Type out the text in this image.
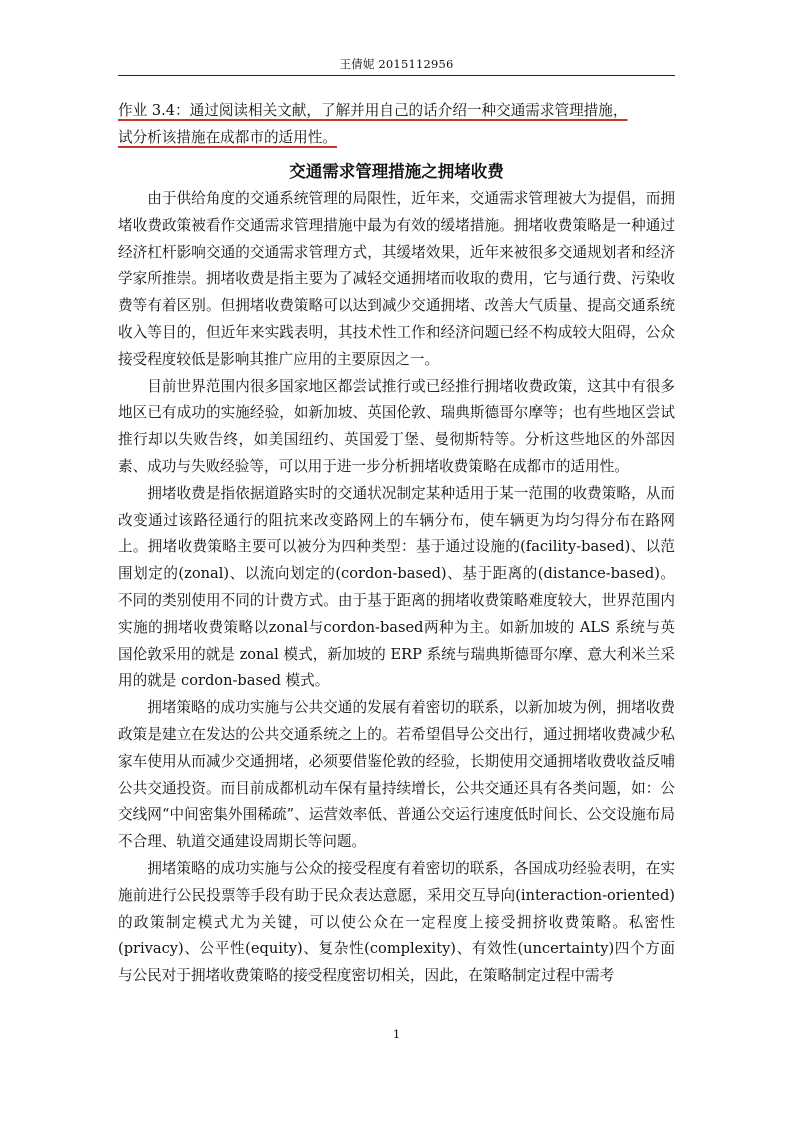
王倩妮 2015112956
作业 3.4：通过阅读相关文献，了解并用自己的话介绍一种交通需求管理措施，
试分析该措施在成都市的适用性。
交通需求管理措施之拥堵收费

由于供给角度的交通系统管理的局限性，近年来，交通需求管理被大为提倡，而拥堵收费政策被看作交通需求管理措施中最为有效的缓堵措施。拥堵收费策略是一种通过经济杠杆影响交通的交通需求管理方式，其缓堵效果，近年来被很多交通规划者和经济学家所推崇。拥堵收费是指主要为了减轻交通拥堵而收取的费用，它与通行费、污染收费等有着区别。但拥堵收费策略可以达到减少交通拥堵、改善大气质量、提高交通系统收入等目的，但近年来实践表明，其技术性工作和经济问题已经不构成较大阻碍，公众接受程度较低是影响其推广应用的主要原因之一。

目前世界范围内很多国家地区都尝试推行或已经推行拥堵收费政策，这其中有很多地区已有成功的实施经验，如新加坡、英国伦敦、瑞典斯德哥尔摩等；也有些地区尝试推行却以失败告终，如美国纽约、英国爱丁堡、曼彻斯特等。分析这些地区的外部因素、成功与失败经验等，可以用于进一步分析拥堵收费策略在成都市的适用性。

拥堵收费是指依据道路实时的交通状况制定某种适用于某一范围的收费策略，从而改变通过该路径通行的阻抗来改变路网上的车辆分布，使车辆更为均匀得分布在路网上。拥堵收费策略主要可以被分为四种类型：基于通过设施的(facility-based)、以范围划定的(zonal)、以流向划定的(cordon-based)、基于距离的(distance-based)。不同的类别使用不同的计费方式。由于基于距离的拥堵收费策略难度较大，世界范围内实施的拥堵收费策略以zonal与cordon-based两种为主。如新加坡的 ALS 系统与英国伦敦采用的就是 zonal 模式，新加坡的 ERP 系统与瑞典斯德哥尔摩、意大利米兰采用的就是 cordon-based 模式。

拥堵策略的成功实施与公共交通的发展有着密切的联系，以新加坡为例，拥堵收费政策是建立在发达的公共交通系统之上的。若希望倡导公交出行，通过拥堵收费减少私家车使用从而减少交通拥堵，必须要借鉴伦敦的经验，长期使用交通拥堵收费收益反哺公共交通投资。而目前成都机动车保有量持续增长，公共交通还具有各类问题，如：公交线网“中间密集外围稀疏”、运营效率低、普通公交运行速度低时间长、公交设施布局不合理、轨道交通建设周期长等问题。

拥堵策略的成功实施与公众的接受程度有着密切的联系，各国成功经验表明，在实施前进行公民投票等手段有助于民众表达意愿，采用交互导向(interaction-oriented)的政策制定模式尤为关键，可以使公众在一定程度上接受拥挤收费策略。私密性(privacy)、公平性(equity)、复杂性(complexity)、有效性(uncertainty)四个方面与公民对于拥堵收费策略的接受程度密切相关，因此，在策略制定过程中需考

1
